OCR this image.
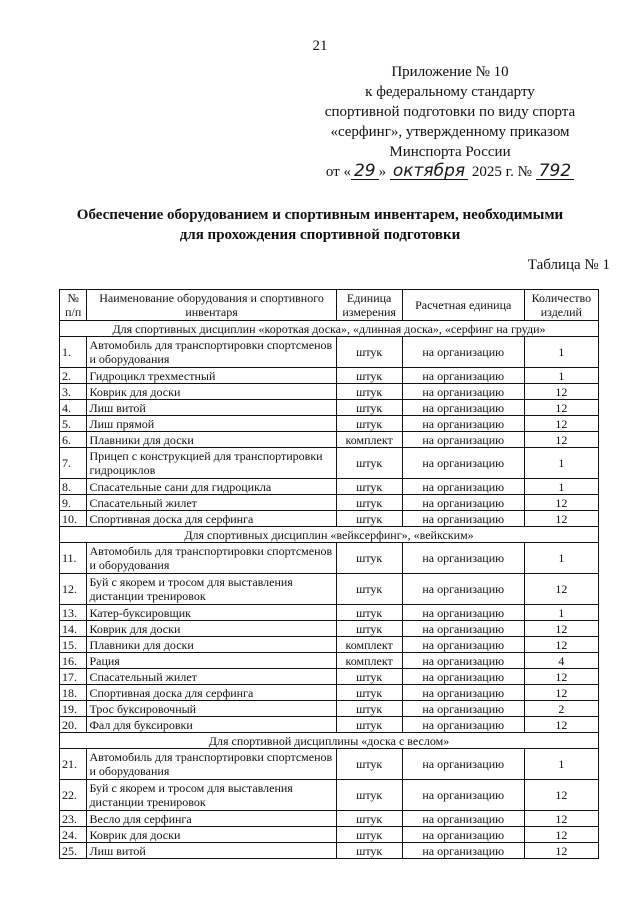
21
Приложение № 10
к федеральному стандарту
спортивной подготовки по виду спорта
«серфинг», утвержденному приказом
Минспорта России
от « 29 » октября 2025 г. № 792
Обеспечение оборудованием и спортивным инвентарем, необходимыми
для прохождения спортивной подготовки
Таблица № 1
№ п/п	Наименование оборудования и спортивного инвентаря	Единица измерения	Расчетная единица	Количество изделий
Для спортивных дисциплин «короткая доска», «длинная доска», «серфинг на груди»				
1.	Автомобиль для транспортировки спортсменов и оборудования	штук	на организацию	1
2.	Гидроцикл трехместный	штук	на организацию	1
3.	Коврик для доски	штук	на организацию	12
4.	Лиш витой	штук	на организацию	12
5.	Лиш прямой	штук	на организацию	12
6.	Плавники для доски	комплект	на организацию	12
7.	Прицеп с конструкцией для транспортировки гидроциклов	штук	на организацию	1
8.	Спасательные сани для гидроцикла	штук	на организацию	1
9.	Спасательный жилет	штук	на организацию	12
10.	Спортивная доска для серфинга	штук	на организацию	12
Для спортивных дисциплин «вейксерфинг», «вейкским»				
11.	Автомобиль для транспортировки спортсменов и оборудования	штук	на организацию	1
12.	Буй с якорем и тросом для выставления дистанции тренировок	штук	на организацию	12
13.	Катер-буксировщик	штук	на организацию	1
14.	Коврик для доски	штук	на организацию	12
15.	Плавники для доски	комплект	на организацию	12
16.	Рация	комплект	на организацию	4
17.	Спасательный жилет	штук	на организацию	12
18.	Спортивная доска для серфинга	штук	на организацию	12
19.	Трос буксировочный	штук	на организацию	2
20.	Фал для буксировки	штук	на организацию	12
Для спортивной дисциплины «доска с веслом»				
21.	Автомобиль для транспортировки спортсменов и оборудования	штук	на организацию	1
22.	Буй с якорем и тросом для выставления дистанции тренировок	штук	на организацию	12
23.	Весло для серфинга	штук	на организацию	12
24.	Коврик для доски	штук	на организацию	12
25.	Лиш витой	штук	на организацию	12
